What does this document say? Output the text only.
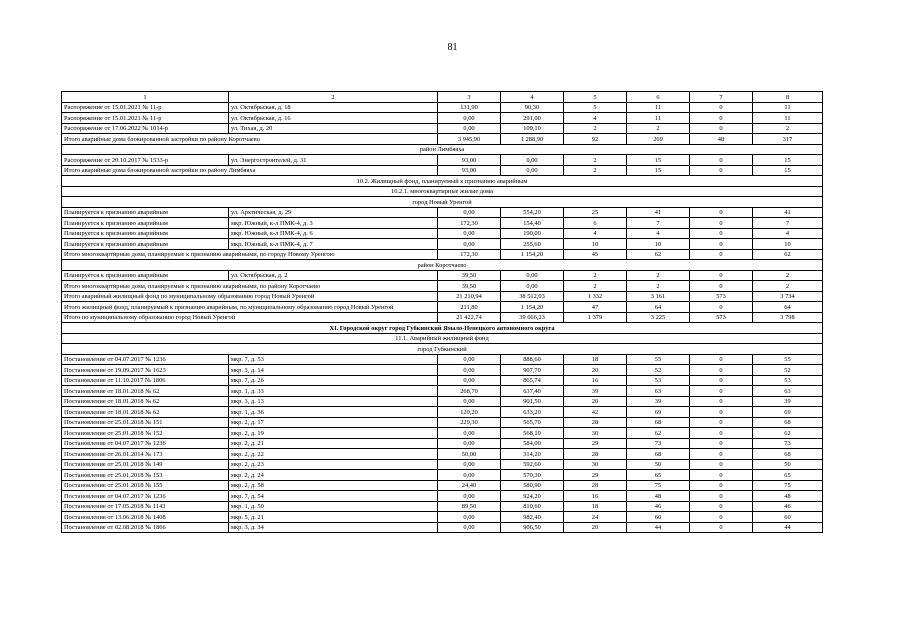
81
1	2	3	4	5	6	7	8
Распоряжение от 15.01.2021 № 11-р	ул. Октябрьская, д. 18	131,90	90,30	5	11	0	11
Распоряжение от 15.01.2021 № 11-р	ул. Октябрьская, д. 16	0,00	291,00	4	11	0	11
Распоряжение от 17.06.2022 № 1014-р	ул. Тихая, д. 20	0,00	109,10	2	2	0	2
Итого аварийные дома блокированной застройки по району Коротчаево		3 945,90	1 288,90	92	269	48	317
район Лимбяяха							
Распоряжение от 20.10.2017 № 1533-р	ул. Энергостроителей, д. 31	93,00	0,00	2	15	0	15
Итого аварийные дома блокированной застройки по району Лимбяяха		93,00	0,00	2	15	0	15
10.2. Жилищный фонд, планируемый к признанию аварийным							
10.2.1. многоквартирные жилые дома							
город Новый Уренгой							
Планируется к признанию аварийным	ул. Арктическая, д. 29	0,00	554,20	25	41	0	41
Планируется к признанию аварийным	мкр. Южный, к-л ПМК-4, д. 3	172,30	154,40	6	7	0	7
Планируется к признанию аварийным	мкр. Южный, к-л ПМК-4, д. 6	0,00	190,00	4	4	0	4
Планируется к признанию аварийным	мкр. Южный, к-л ПМК-4, д. 7	0,00	255,60	10	10	0	10
Итого многоквартирные дома, планируемые к признанию аварийными, по городу Новому Уренгою		172,30	1 154,20	45	62	0	62
район Коротчаево							
Планируется к признанию аварийным	ул. Октябрьская, д. 2	39,50	0,00	2	2	0	2
Итого многоквартирные дома, планируемые к признанию аварийными, по району Коротчаево		39,50	0,00	2	2	0	2
Итого аварийный жилищный фонд по муниципальному образованию город Новый Уренгой		21 210,94	38 512,03	1 332	3 161	573	3 734
Итого жилищный фонд, планируемый к признанию аварийным, по муниципальному образованию город Новый Уренгой		211,80	1 154,20	47	64	0	64
Итого по муниципальному образованию город Новый Уренгой		21 422,74	39 666,23	1 379	3 225	573	3 798
XI. Городской округ город Губкинский Ямало-Ненецкого автономного округа							
11.1. Аварийный жилищный фонд							
город Губкинский							
Постановление от 04.07.2017 № 1236	мкр. 7, д. 53	0,00	888,60	18	55	0	55
Постановление от 19.09.2017 № 1623	мкр. 3, д. 14	0,00	907,70	20	52	0	52
Постановление от 11.10.2017 № 1806	мкр. 7, д. 26	0,00	865,74	16	53	0	53
Постановление от 18.01.2018 № 62	мкр. 1, д. 33	268,70	637,40	39	63	0	63
Постановление от 18.01.2018 № 62	мкр. 3, д. 13	0,00	901,50	20	39	0	39
Постановление от 18.01.2018 № 62	мкр. 1, д. 36	120,20	633,20	42	69	0	69
Постановление от 25.01.2018 № 151	мкр. 2, д. 17	229,30	565,70	28	68	0	68
Постановление от 25.01.2018 № 152	мкр. 2, д. 19	0,00	568,10	30	62	0	62
Постановление от 04.07.2017 № 1236	мкр. 2, д. 21	0,00	584,00	29	73	0	73
Постановление от 26.01.2014 № 173	мкр. 2, д. 22	50,00	314,20	28	68	0	68
Постановление от 25.01.2018 № 149	мкр. 2, д. 23	0,00	592,60	30	50	0	50
Постановление от 25.01.2018 № 153	мкр. 2, д. 24	0,00	570,30	29	65	0	65
Постановление от 25.01.2018 № 155	мкр. 2, д. 58	24,40	580,90	28	75	0	75
Постановление от 04.07.2017 № 1236	мкр. 7, д. 54	0,00	924,20	16	48	0	48
Постановление от 17.05.2018 № 1143	мкр. 1, д. 50	89,50	810,60	18	46	0	46
Постановление от 13.06.2018 № 1408	мкр. 5, д. 21	0,00	982,40	24	60	0	60
Постановление от 02.08.2018 № 1866	мкр. 3, д. 34	0,00	906,50	20	44	0	44
